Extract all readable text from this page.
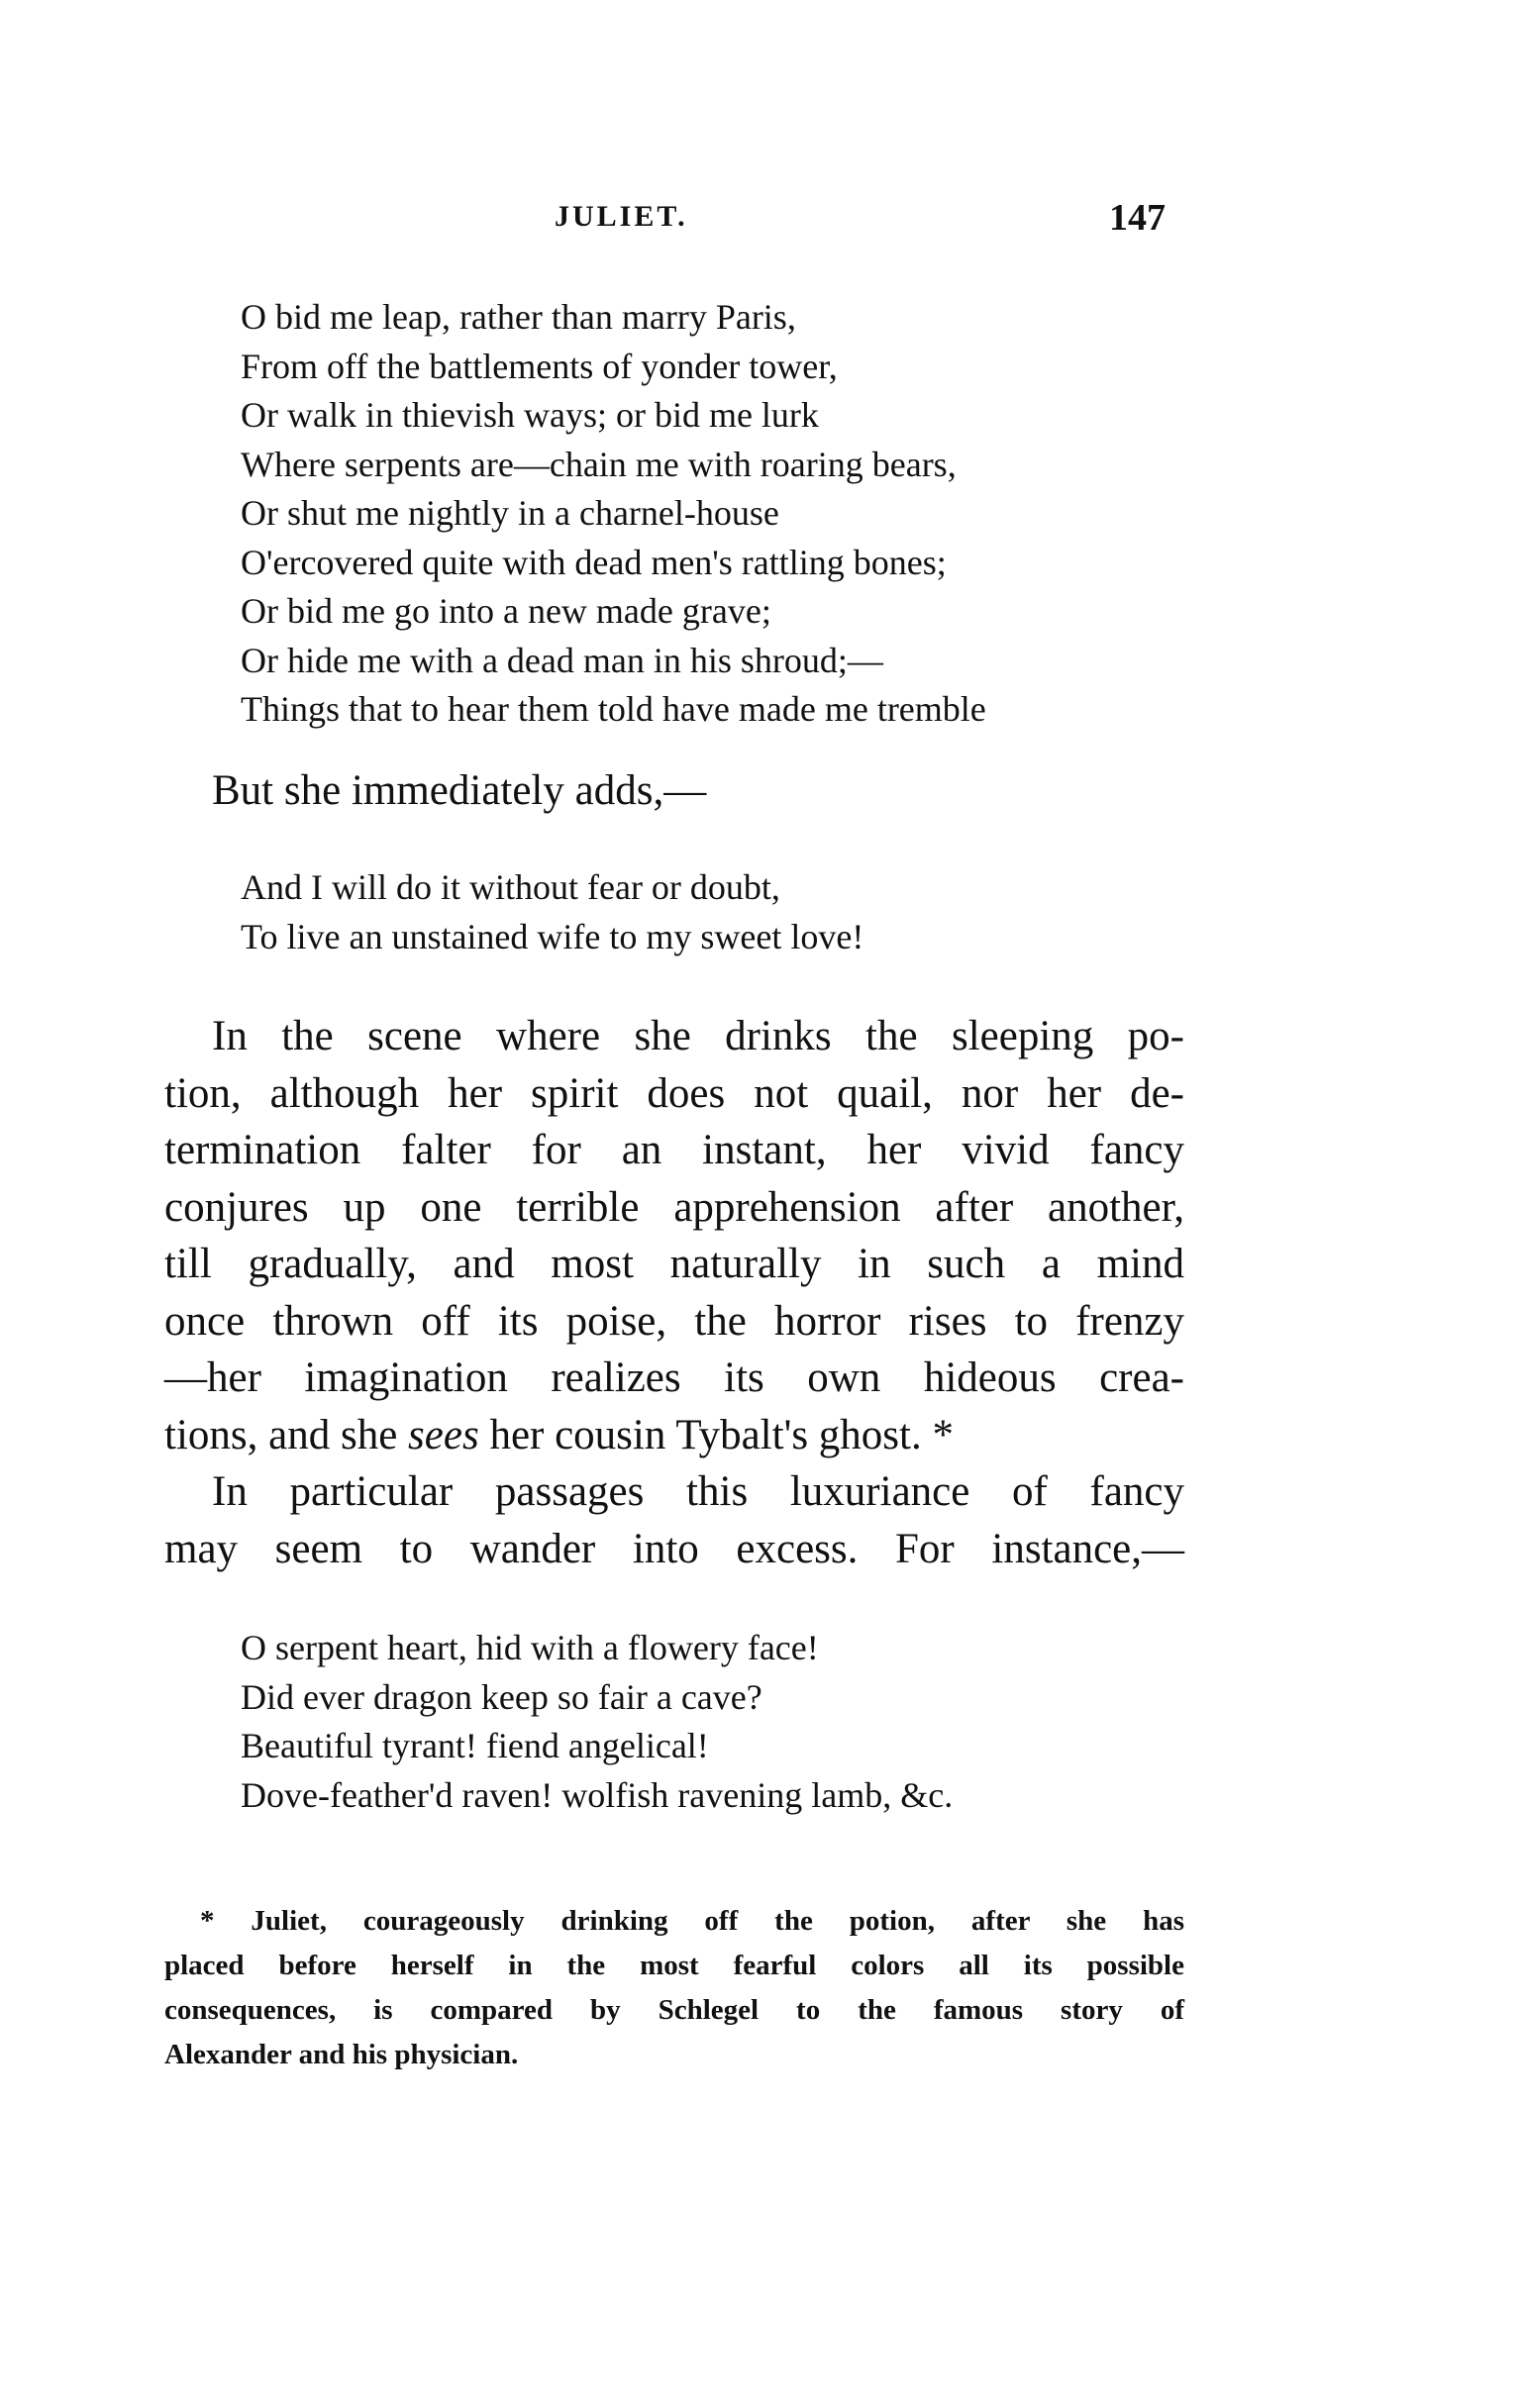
JULIET.	147
O bid me leap, rather than marry Paris,
From off the battlements of yonder tower,
Or walk in thievish ways; or bid me lurk
Where serpents are—chain me with roaring bears,
Or shut me nightly in a charnel-house
O'ercovered quite with dead men's rattling bones;
Or bid me go into a new made grave;
Or hide me with a dead man in his shroud;—
Things that to hear them told have made me tremble
But she immediately adds,—
And I will do it without fear or doubt,
To live an unstained wife to my sweet love!

In the scene where she drinks the sleeping po-
tion, although her spirit does not quail, nor her de-
termination falter for an instant, her vivid fancy
conjures up one terrible apprehension after another,
till gradually, and most naturally in such a mind
once thrown off its poise, the horror rises to frenzy
—her imagination realizes its own hideous crea-
tions, and she sees her cousin Tybalt's ghost. *

In particular passages this luxuriance of fancy
may seem to wander into excess. For instance,—

O serpent heart, hid with a flowery face!
Did ever dragon keep so fair a cave?
Beautiful tyrant! fiend angelical!
Dove-feather'd raven! wolfish ravening lamb, &c.
* Juliet, courageously drinking off the potion, after she has
placed before herself in the most fearful colors all its possible
consequences, is compared by Schlegel to the famous story of
Alexander and his physician.
